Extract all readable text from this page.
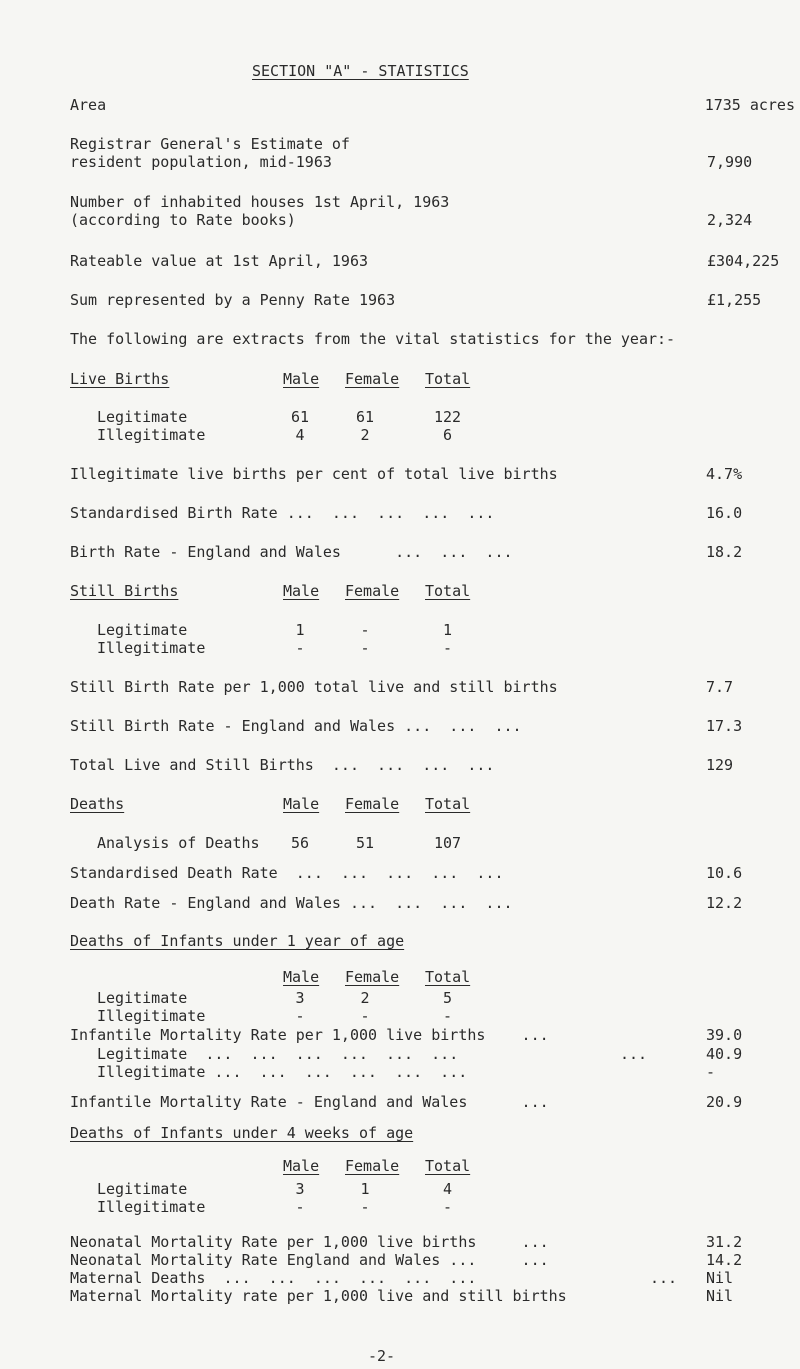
SECTION "A" - STATISTICS
Area	1735 acres
Registrar General's Estimate of
resident population, mid-1963	7,990
Number of inhabited houses 1st April, 1963
(according to Rate books)	2,324
Rateable value at 1st April, 1963	£304,225
Sum represented by a Penny Rate 1963	£1,255
The following are extracts from the vital statistics for the year:-
Live Births	Male Female Total
Legitimate	61	61	122
Illegitimate	4	2	6
Illegitimate live births per cent of total live births	4.7%
Standardised Birth Rate ...  ...  ...  ...  ...	16.0
Birth Rate - England and Wales      ...  ...  ...	18.2
Still Births	Male Female Total
Legitimate	1	-	1
Illegitimate	-	-	-
Still Birth Rate per 1,000 total live and still births	7.7
Still Birth Rate - England and Wales ...  ...  ...	17.3
Total Live and Still Births  ...  ...  ...  ...	129
Deaths	Male Female Total
Analysis of Deaths	56	51	107
Standardised Death Rate  ...  ...  ...  ...  ...	10.6
Death Rate - England and Wales ...  ...  ...  ...	12.2
Deaths of Infants under 1 year of age
Male Female Total
Legitimate	3	2	5
Illegitimate	-	-	-
Infantile Mortality Rate per 1,000 live births    ...	39.0
Legitimate  ...  ...  ...  ...  ...  ...	...	40.9
Illegitimate ...  ...  ...  ...  ...  ...	-
Infantile Mortality Rate - England and Wales      ...	20.9
Deaths of Infants under 4 weeks of age
Male Female Total
Legitimate	3	1	4
Illegitimate	-	-	-
Neonatal Mortality Rate per 1,000 live births     ...	31.2
Neonatal Mortality Rate England and Wales ...     ...	14.2
Maternal Deaths  ...  ...  ...  ...  ...  ...	... Nil
Maternal Mortality rate per 1,000 live and still births	Nil
-2-
